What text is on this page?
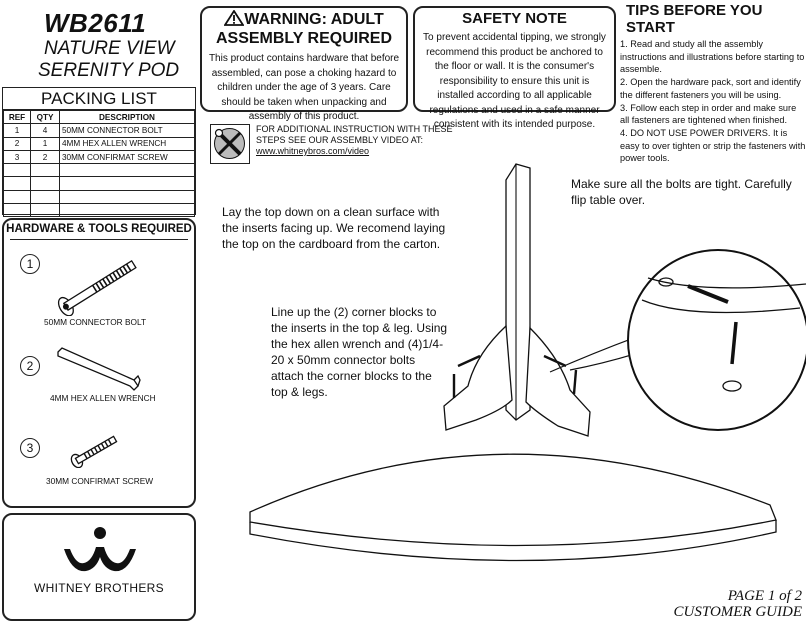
WB2611
NATURE VIEW
SERENITY POD
WARNING: ADULT
ASSEMBLY REQUIRED

This product contains hardware that before assembled, can pose a choking hazard to children under the age of 3 years. Care should be taken when unpacking and assembly of this product.

SAFETY NOTE

To prevent accidental tipping, we strongly recommend this product be anchored to the floor or wall. It is the consumer's responsibility to ensure this unit is installed according to all applicable regulations and used in a safe manner consistent with its intended purpose.

TIPS BEFORE YOU START

1. Read and study all the assembly instructions and illustrations before starting to assemble.

2. Open the hardware pack, sort and identify the different fasteners you will be using.

3. Follow each step in order and make sure all fasteners are tightened when finished.

4. DO NOT USE POWER DRIVERS. It is easy to over tighten or strip the fasteners with power tools.

PACKING LIST
REF	QTY	DESCRIPTION
1	4	50MM CONNECTOR BOLT
2	1	4MM HEX ALLEN WRENCH
3	2	30MM CONFIRMAT SCREW

HARDWARE & TOOLS REQUIRED
1
50MM CONNECTOR BOLT
2
4MM HEX ALLEN WRENCH
3
30MM CONFIRMAT SCREW
WHITNEY BROTHERS
FOR ADDITIONAL INSTRUCTION WITH THESE
STEPS SEE OUR ASSEMBLY VIDEO AT:
www.whitneybros.com/video
Lay the top down on a clean surface with the inserts facing up. We recomend laying the top on the cardboard from the carton.
Line up the (2) corner blocks to the inserts in the top & leg. Using the hex allen wrench and (4)1/4-20 x 50mm connector bolts attach the corner blocks to the top & legs.
Make sure all the bolts are tight. Carefully flip table over.
PAGE 1 of 2
CUSTOMER GUIDE
